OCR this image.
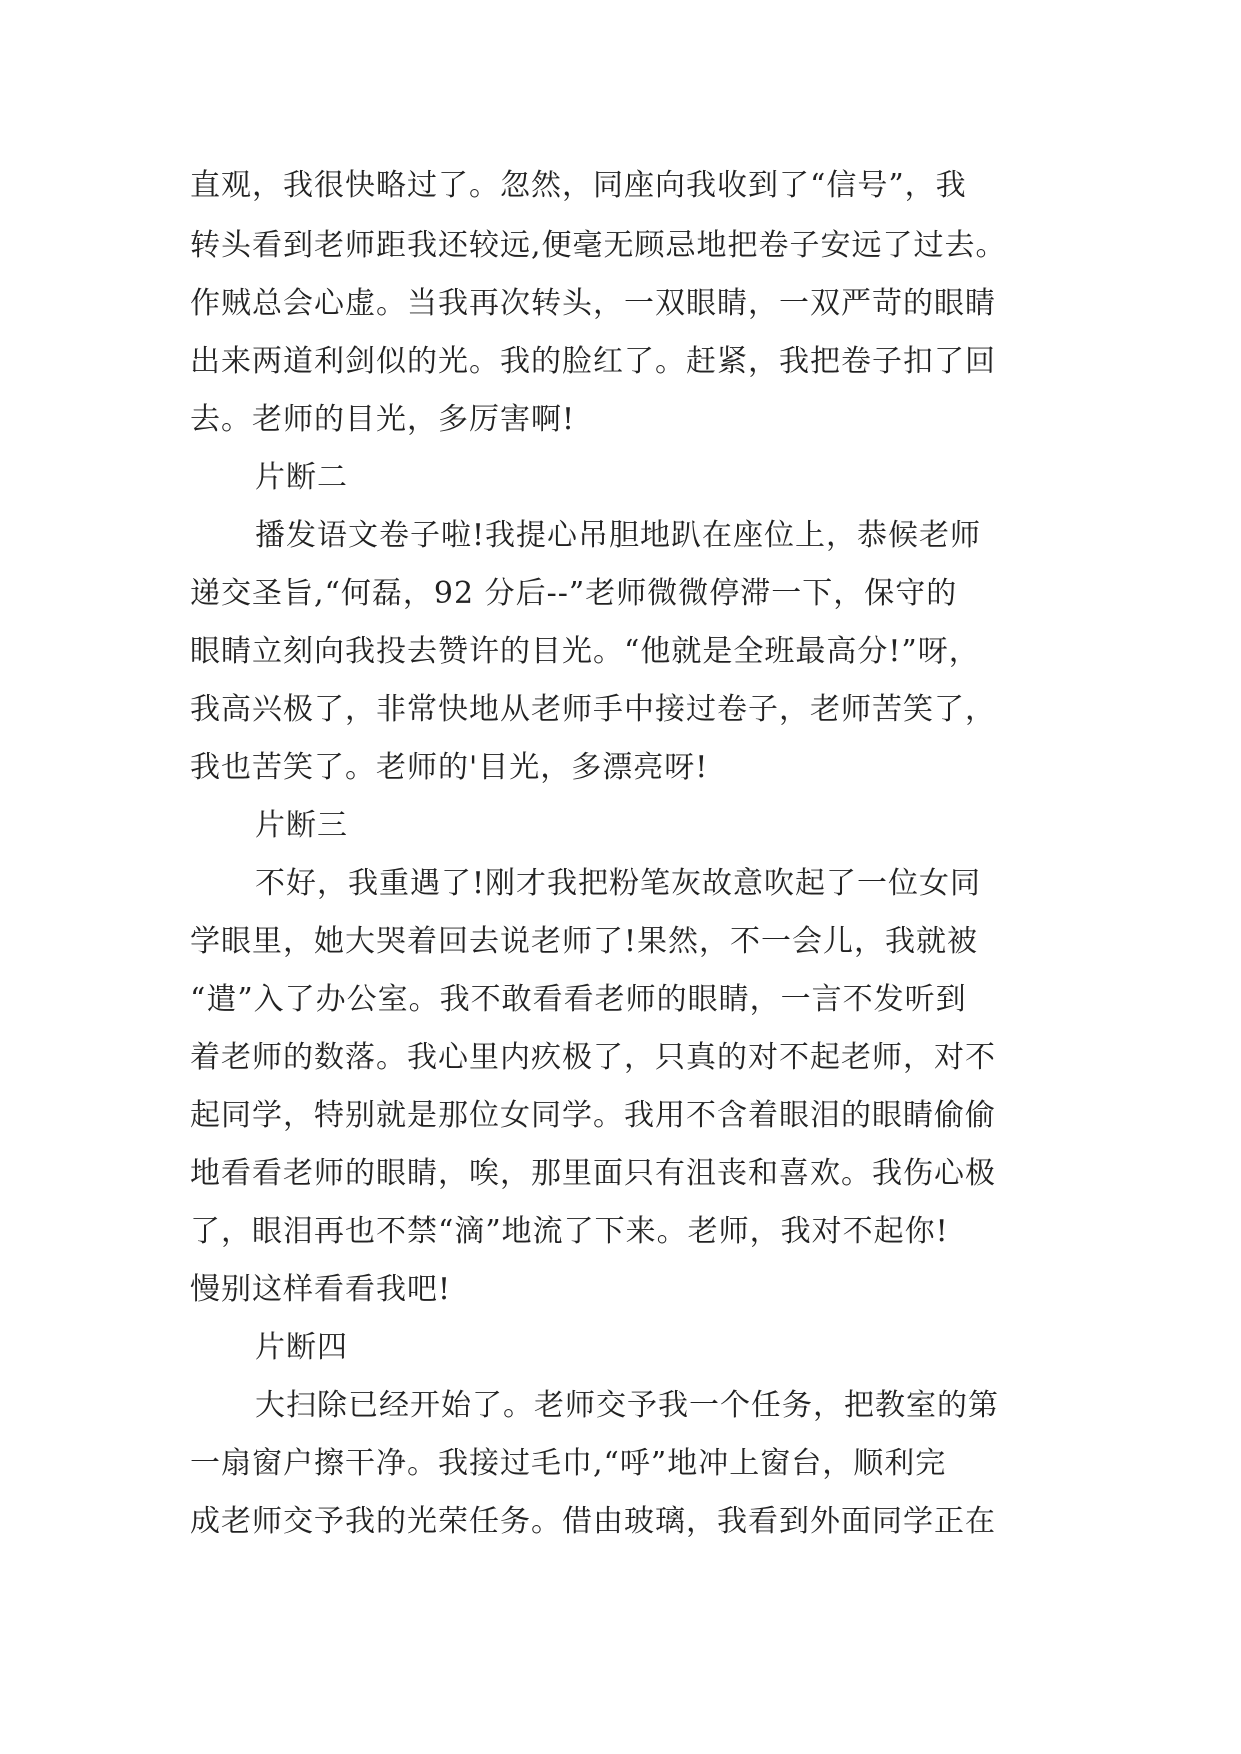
直观，我很快略过了。忽然，同座向我收到了“信号”，我
转头看到老师距我还较远,便毫无顾忌地把卷子安远了过去。
作贼总会心虚。当我再次转头，一双眼睛，一双严苛的眼睛
出来两道利剑似的光。我的脸红了。赶紧，我把卷子扣了回
去。老师的目光，多厉害啊!
片断二
播发语文卷子啦!我提心吊胆地趴在座位上，恭候老师
递交圣旨,“何磊，92 分后--”老师微微停滞一下，保守的
眼睛立刻向我投去赞许的目光。“他就是全班最高分!”呀，
我高兴极了，非常快地从老师手中接过卷子，老师苦笑了，
我也苦笑了。老师的'目光，多漂亮呀!
片断三
不好，我重遇了!刚才我把粉笔灰故意吹起了一位女同
学眼里，她大哭着回去说老师了!果然，不一会儿，我就被
“遣”入了办公室。我不敢看看老师的眼睛，一言不发听到
着老师的数落。我心里内疚极了，只真的对不起老师，对不
起同学，特别就是那位女同学。我用不含着眼泪的眼睛偷偷
地看看老师的眼睛，唉，那里面只有沮丧和喜欢。我伤心极
了，眼泪再也不禁“滴”地流了下来。老师，我对不起你!
慢别这样看看我吧!
片断四
大扫除已经开始了。老师交予我一个任务，把教室的第
一扇窗户擦干净。我接过毛巾,“呼”地冲上窗台，顺利完
成老师交予我的光荣任务。借由玻璃，我看到外面同学正在
